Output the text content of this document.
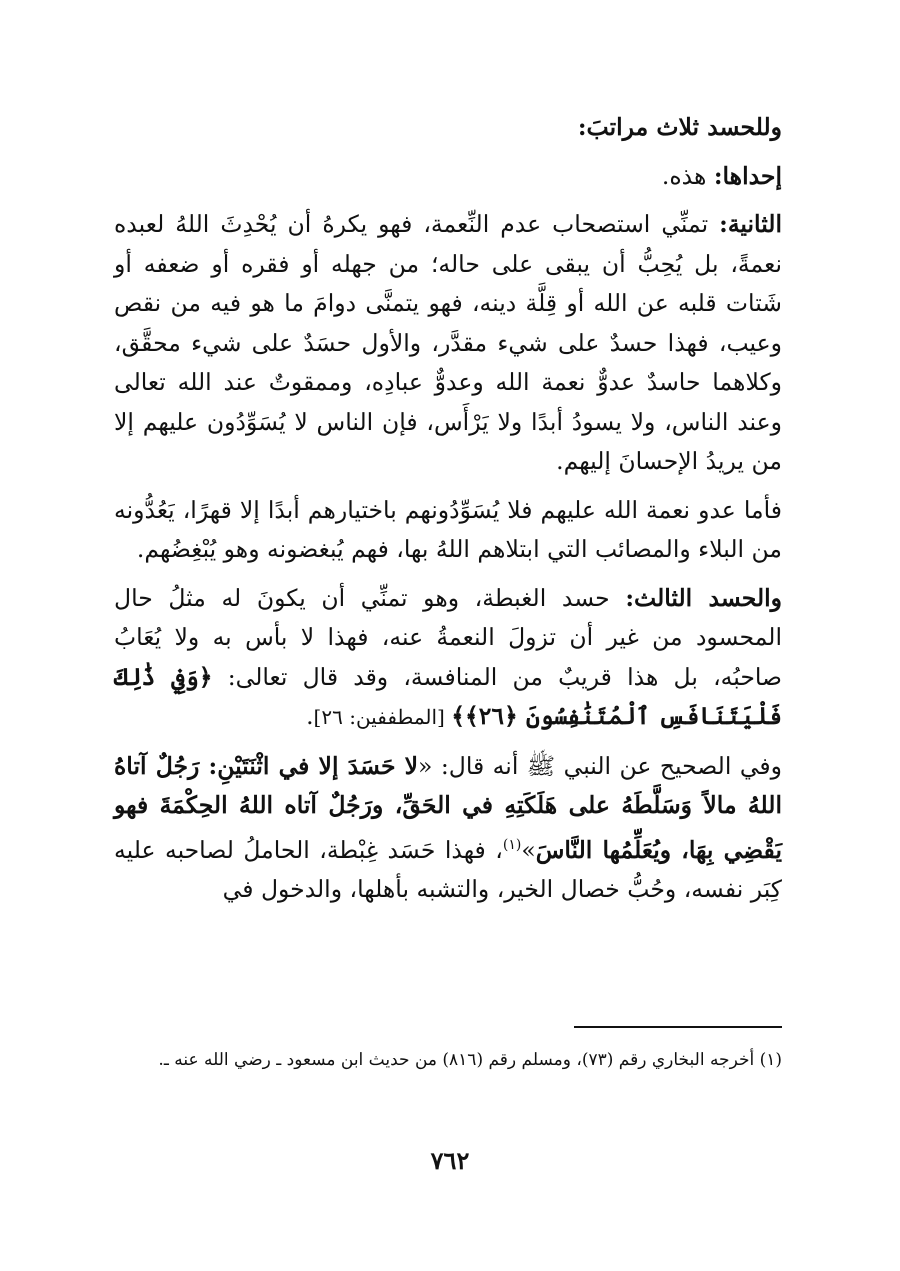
وللحسد ثلاث مراتبَ:

إحداها: هذه.

الثانية: تمنِّي استصحاب عدم النِّعمة، فهو يكرهُ أن يُحْدِثَ اللهُ لعبده نعمةً، بل يُحِبُّ أن يبقى على حاله؛ من جهله أو فقره أو ضعفه أو شَتات قلبه عن الله أو قِلَّة دينه، فهو يتمنَّى دوامَ ما هو فيه من نقص وعيب، فهذا حسدٌ على شيء مقدَّر، والأول حسَدٌ على شيء محقَّق، وكلاهما حاسدٌ عدوٌّ نعمة الله وعدوٌّ عبادِه، وممقوتٌ عند الله تعالى وعند الناس، ولا يسودُ أبدًا ولا يَرْأَس، فإن الناس لا يُسَوِّدُون عليهم إلا من يريدُ الإحسانَ إليهم.

فأما عدو نعمة الله عليهم فلا يُسَوِّدُونهم باختيارهم أبدًا إلا قهرًا، يَعُدُّونه من البلاء والمصائب التي ابتلاهم اللهُ بها، فهم يُبغضونه وهو يُبْغِضُهم.

والحسد الثالث: حسد الغبطة، وهو تمنِّي أن يكونَ له مثلُ حال المحسود من غير أن تزولَ النعمةُ عنه، فهذا لا بأس به ولا يُعَابُ صاحبُه، بل هذا قريبٌ من المنافسة، وقد قال تعالى: ﴿وَفِي ذَٰلِكَ فَلْيَتَنَافَسِ ٱلْمُتَنَٰفِسُونَ ﴿٢٦﴾﴾ [المطففين: ٢٦].

وفي الصحيح عن النبي ﷺ أنه قال: «لا حَسَدَ إلا في اثْنَتَيْنِ: رَجُلٌ آتاهُ اللهُ مالاً وَسَلَّطَهُ على هَلَكَتِهِ في الحَقِّ، ورَجُلٌ آتاه اللهُ الحِكْمَةَ فهو يَقْضِي بِهَا، ويُعَلِّمُها النَّاسَ»$^{(١)}$، فهذا حَسَد غِبْطة، الحاملُ لصاحبه عليه كِبَر نفسه، وحُبُّ خصال الخير، والتشبه بأهلها، والدخول في

(١) أخرجه البخاري رقم (٧٣)، ومسلم رقم (٨١٦) من حديث ابن مسعود ـ رضي الله عنه ـ.
٧٦٢
